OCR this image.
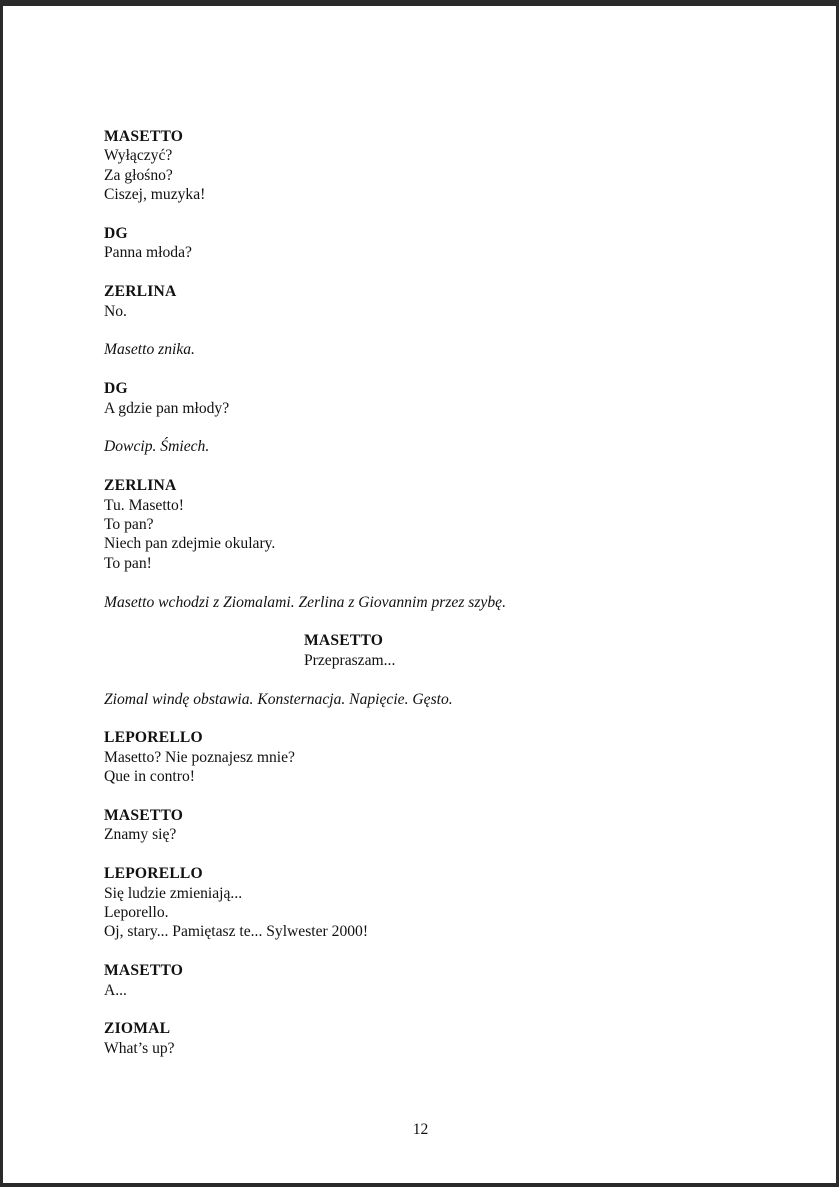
MASETTO
Wyłączyć?
Za głośno?
Ciszej, muzyka!
DG
Panna młoda?
ZERLINA
No.
Masetto znika.
DG
A gdzie pan młody?
Dowcip. Śmiech.
ZERLINA
Tu. Masetto!
To pan?
Niech pan zdejmie okulary.
To pan!
Masetto wchodzi z Ziomalami. Zerlina z Giovannim przez szybę.
MASETTO
Przepraszam...
Ziomal windę obstawia. Konsternacja. Napięcie. Gęsto.
LEPORELLO
Masetto? Nie poznajesz mnie?
Que in contro!
MASETTO
Znamy się?
LEPORELLO
Się ludzie zmieniają...
Leporello.
Oj, stary... Pamiętasz te... Sylwester 2000!
MASETTO
A...
ZIOMAL
What’s up?
12
